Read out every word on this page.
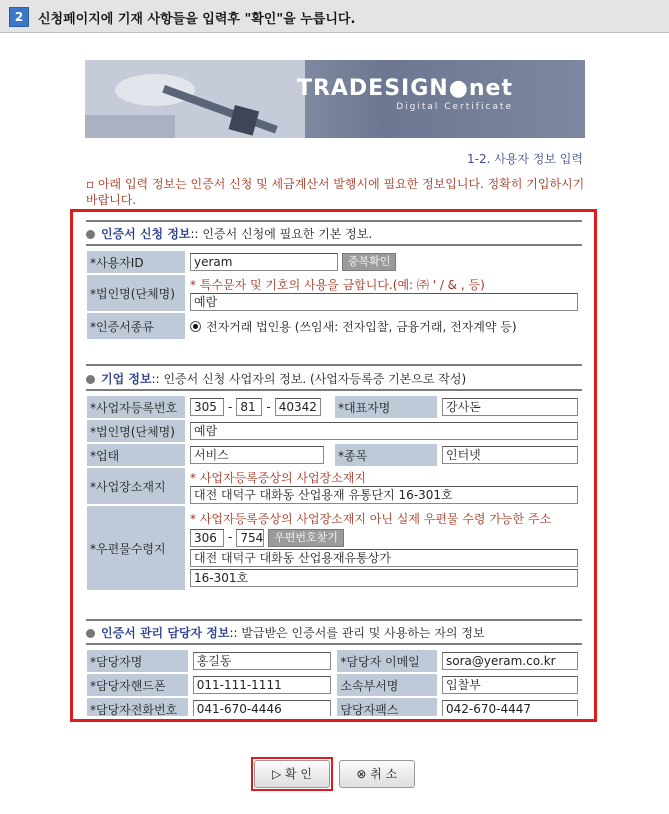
2	신청페이지에 기재 사항들을 입력후 "확인"을 누릅니다.
TRADESIGN●net
Digital Certificate
1-2. 사용자 정보 입력
▫ 아래 입력 정보는 인증서 신청 및 세금계산서 발행시에 필요한 정보입니다. 정확히 기입하시기 바랍니다.
인증서 신청 정보:: 인증서 신청에 필요한 기본 정보.
*사용자ID	yeram 중복확인
*법인명(단체명)	* 특수문자 및 기호의 사용을 금합니다.(예: ㈜ ' / & , 등)
예람
*인증서종류	전자거래 법인용 (쓰임새: 전자입찰, 금융거래, 전자계약 등)
기업 정보:: 인증서 신청 사업자의 정보. (사업자등록증 기본으로 작성)
*사업자등록번호	305 - 81 - 40342	*대표자명	강사돈
*법인명(단체명)	예람		
*업태	서비스	*종목	인터넷
*사업장소재지	* 사업자등록증상의 사업장소재지
대전 대덕구 대화동 산업용재 유통단지 16-301호		
*우편물수령지	* 사업자등록증상의 사업장소재지 아닌 실제 우편물 수령 가능한 주소
306 - 754 우편번호찾기
대전 대덕구 대화동 산업용재유통상가
16-301호		
인증서 관리 담당자 정보:: 발급받은 인증서를 관리 및 사용하는 자의 정보
*담당자명	홍길동	*담당자 이메일	sora@yeram.co.kr
*담당자핸드폰	011-111-1111	소속부서명	입찰부
*담당자전화번호	041-670-4446	담당자팩스	042-670-4447
▷ 확 인	⊗ 취 소
